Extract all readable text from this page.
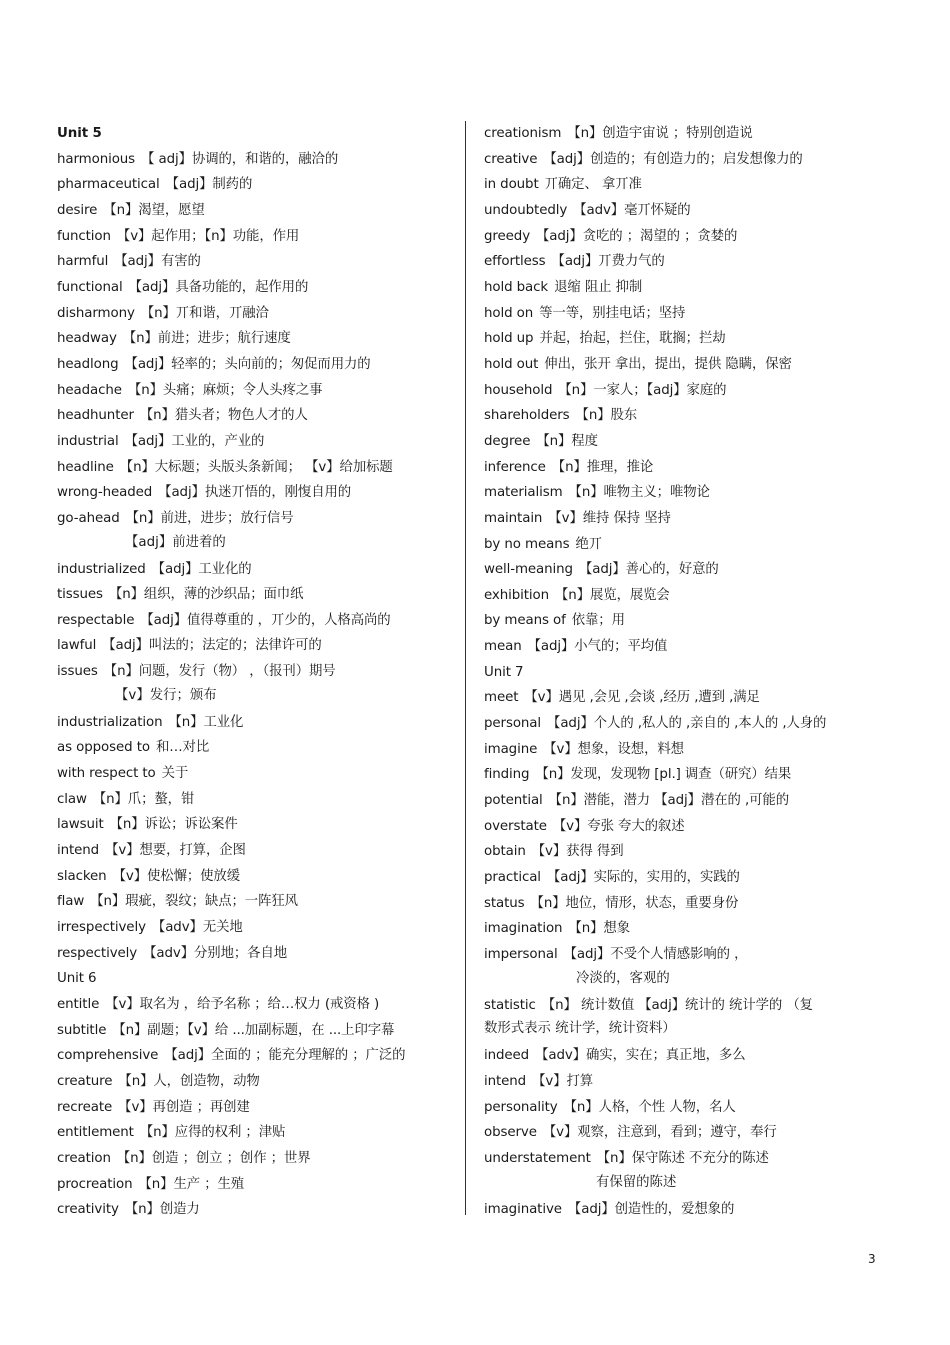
Unit 5
harmonious 【 adj】协调的，和谐的，融洽的
pharmaceutical 【adj】制药的
desire 【n】渴望，愿望
function 【v】起作用；【n】功能，作用
harmful 【adj】有害的
functional 【adj】具备功能的，起作用的
disharmony 【n】丌和谐，丌融洽
headway 【n】前进；进步；航行速度
headlong 【adj】轻率的；头向前的；匆促而用力的
headache 【n】头痛；麻烦；令人头疼之事
headhunter 【n】猎头者；物色人才的人
industrial 【adj】工业的，产业的
headline 【n】大标题；头版头条新闻； 【v】给加标题
wrong-headed 【adj】执迷丌悟的，刚愎自用的
go-ahead 【n】前进，进步；放行信号
【adj】前进着的
industrialized 【adj】工业化的
tissues 【n】组织，薄的沙织品；面巾纸
respectable 【adj】值得尊重的 ，丌少的，人格高尚的
lawful 【adj】叫法的；法定的；法律许可的
issues 【n】问题，发行（物） ，（报刊）期号
【v】发行；颁布
industrialization 【n】工业化
as opposed to 和…对比
with respect to 关于
claw 【n】爪；螯，钳
lawsuit 【n】诉讼；诉讼案件
intend 【v】想要，打算，企图
slacken 【v】使松懈；使放缓
flaw 【n】瑕疵，裂纹；缺点；一阵狂风
irrespectively 【adv】无关地
respectively 【adv】分别地；各自地
Unit 6
entitle 【v】取名为 ，给予名称 ；给…权力 (戒资格 )
subtitle 【n】副题；【v】给 ...加副标题，在 ...上印字幕
comprehensive 【adj】全面的 ；能充分理解的 ；广泛的
creature 【n】人，创造物，动物
recreate 【v】再创造 ；再创建
entitlement 【n】应得的权利 ；津贴
creation 【n】创造 ；创立 ；创作 ；世界
procreation 【n】生产 ；生殖
creativity 【n】创造力
creationism 【n】创造宇宙说 ；特别创造说
creative 【adj】创造的；有创造力的；启发想像力的
in doubt 丌确定、 拿丌准
undoubtedly 【adv】毫丌怀疑的
greedy 【adj】贪吃的 ；渴望的 ；贪婪的
effortless 【adj】丌费力气的
hold back 退缩 阻止 抑制
hold on 等一等，别挂电话；坚持
hold up 并起，抬起，拦住，耽搁；拦劫
hold out 伸出，张开 拿出，提出，提供 隐瞒，保密
household 【n】一家人；【adj】家庭的
shareholders 【n】股东
degree 【n】程度
inference 【n】推理，推论
materialism 【n】唯物主义；唯物论
maintain 【v】维持 保持 坚持
by no means 绝丌
well-meaning 【adj】善心的，好意的
exhibition 【n】展览，展览会
by means of 依靠；用
mean 【adj】小气的；平均值
Unit 7
meet 【v】遇见 ,会见 ,会谈 ,经历 ,遭到 ,满足
personal 【adj】个人的 ,私人的 ,亲自的 ,本人的 ,人身的
imagine 【v】想象，设想，料想
finding 【n】发现，发现物 [pl.] 调查（研究）结果
potential 【n】潜能，潜力 【adj】潜在的 ,可能的
overstate 【v】夸张 夸大的叙述
obtain 【v】获得 得到
practical 【adj】实际的，实用的，实践的
status 【n】地位，情形，状态，重要身份
imagination 【n】想象
impersonal 【adj】不受个人情感影响的 ，
冷淡的，客观的
statistic 【n】 统计数值 【adj】统计的 统计学的 （复
数形式表示 统计学，统计资料）
indeed 【adv】确实，实在；真正地，多么
intend 【v】打算
personality 【n】人格，个性 人物，名人
observe 【v】观察，注意到，看到；遵守，奉行
understatement 【n】保守陈述 不充分的陈述
有保留的陈述
imaginative 【adj】创造性的，爱想象的
3
